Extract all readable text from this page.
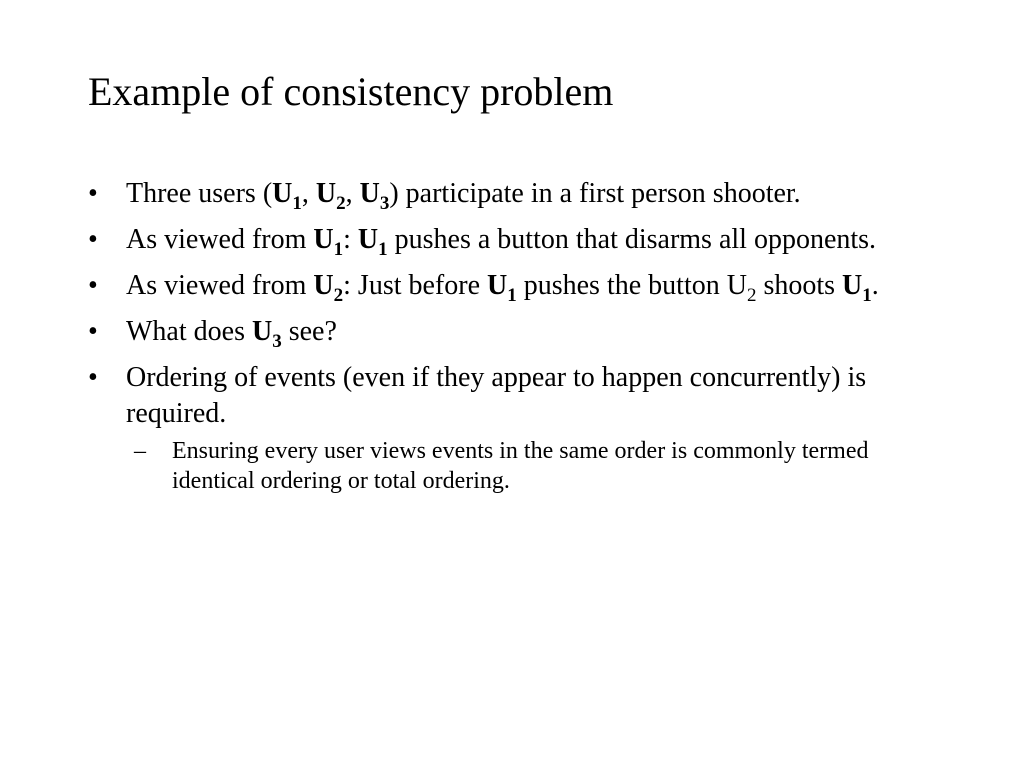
Example of consistency problem
•	Three users ($U_1$, $U_2$, $U_3$) participate in a first person shooter.
•	As viewed from $U_1$: $U_1$ pushes a button that disarms all opponents.
•	As viewed from $U_2$: Just before $U_1$ pushes the button $U_2$ shoots $U_1$.
•	What does $U_3$ see?
•	Ordering of events (even if they appear to happen concurrently) is required.
–	Ensuring every user views events in the same order is commonly termed identical ordering or total ordering.
